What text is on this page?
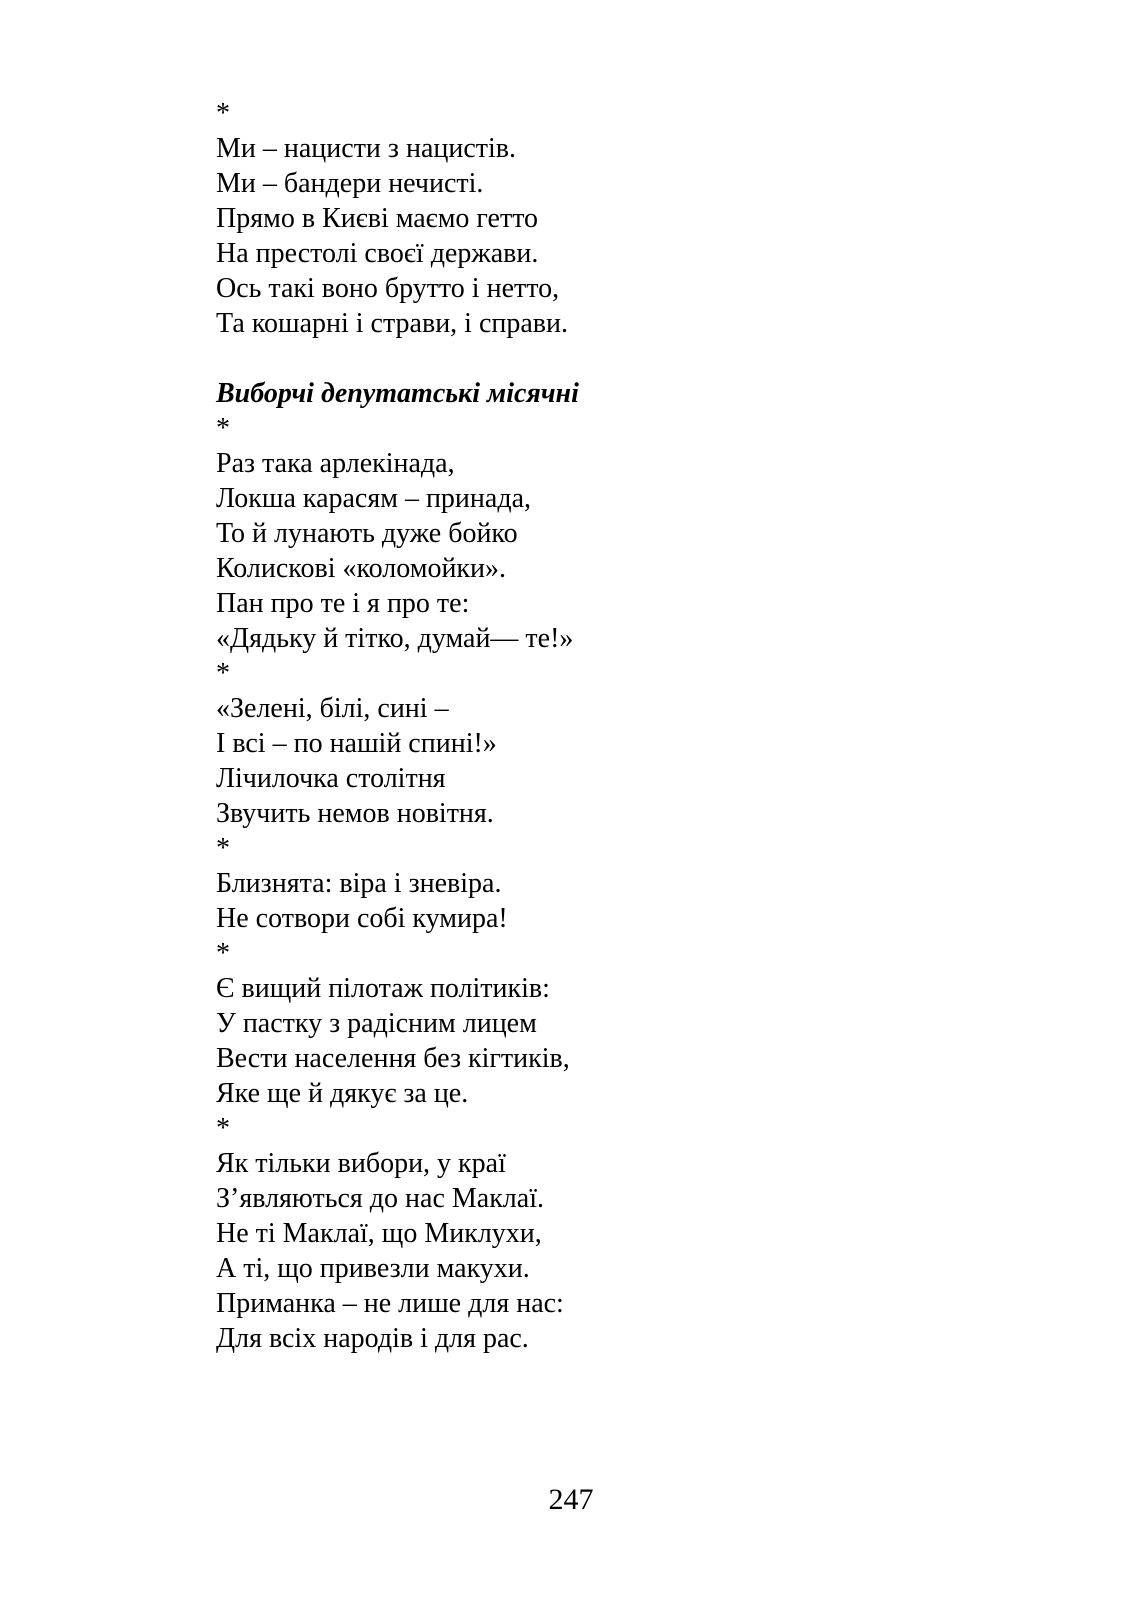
*
Ми – нацисти з нацистів.
Ми – бандери нечисті.
Прямо в Києві маємо гетто
На престолі своєї держави.
Ось такі воно брутто і нетто,
Та кошарні і страви, і справи.
Виборчі депутатські місячні
*
Раз така арлекінада,
Локша карасям – принада,
То й лунають дуже бойко
Колискові «коломойки».
Пан про те і я про те:
«Дядьку й тітко, думай–– те!»
*
«Зелені, білі, сині –
І всі – по нашій спині!»
Лічилочка столітня
Звучить немов новітня.
*
Близнята: віра і зневіра.
Не сотвори собі кумира!
*
Є вищий пілотаж політиків:
У пастку з радісним лицем
Вести населення без кігтиків,
Яке ще й дякує за це.
*
Як тільки вибори, у краї
З’являються до нас Маклаї.
Не ті Маклаї, що Миклухи,
А ті, що привезли макухи.
Приманка – не лише для нас:
Для всіх народів і для рас.
247
